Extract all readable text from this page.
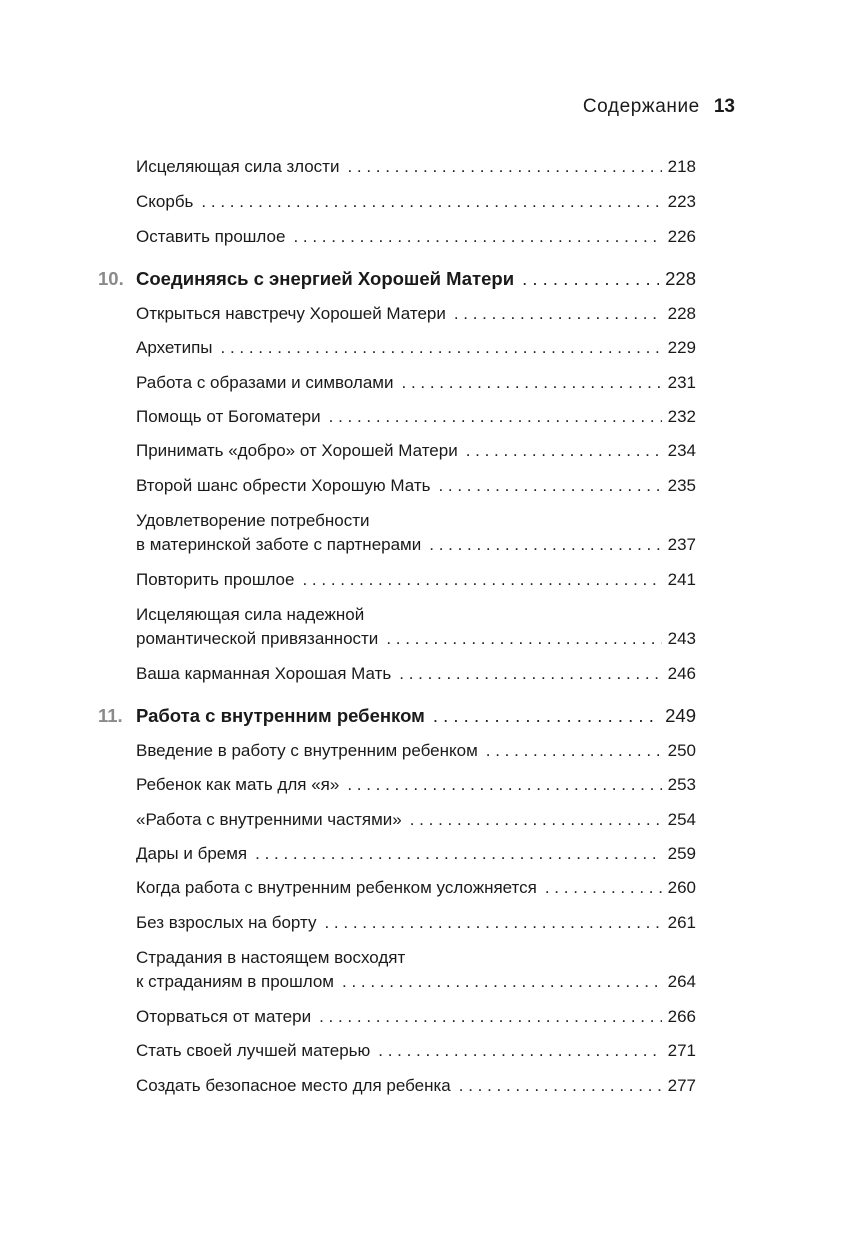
Содержание 13
Исцеляющая сила злости . . .	218
Скорбь . . .	223
Оставить прошлое . . .	226
10. Соединяясь с энергией Хорошей Матери . . .	228
Открыться навстречу Хорошей Матери . . .	228
Архетипы . . .	229
Работа с образами и символами . . .	231
Помощь от Богоматери . . .	232
Принимать «добро» от Хорошей Матери . . .	234
Второй шанс обрести Хорошую Мать . . .	235
Удовлетворение потребности
в материнской заботе с партнерами . . .	237
Повторить прошлое . . .	241
Исцеляющая сила надежной
романтической привязанности . . .	243
Ваша карманная Хорошая Мать . . .	246
11. Работа с внутренним ребенком . . .	249
Введение в работу с внутренним ребенком . . .	250
Ребенок как мать для «я» . . .	253
«Работа с внутренними частями» . . .	254
Дары и бремя . . .	259
Когда работа с внутренним ребенком усложняется . . .	260
Без взрослых на борту . . .	261
Страдания в настоящем восходят
к страданиям в прошлом . . .	264
Оторваться от матери . . .	266
Стать своей лучшей матерью . . .	271
Создать безопасное место для ребенка . . .	277
